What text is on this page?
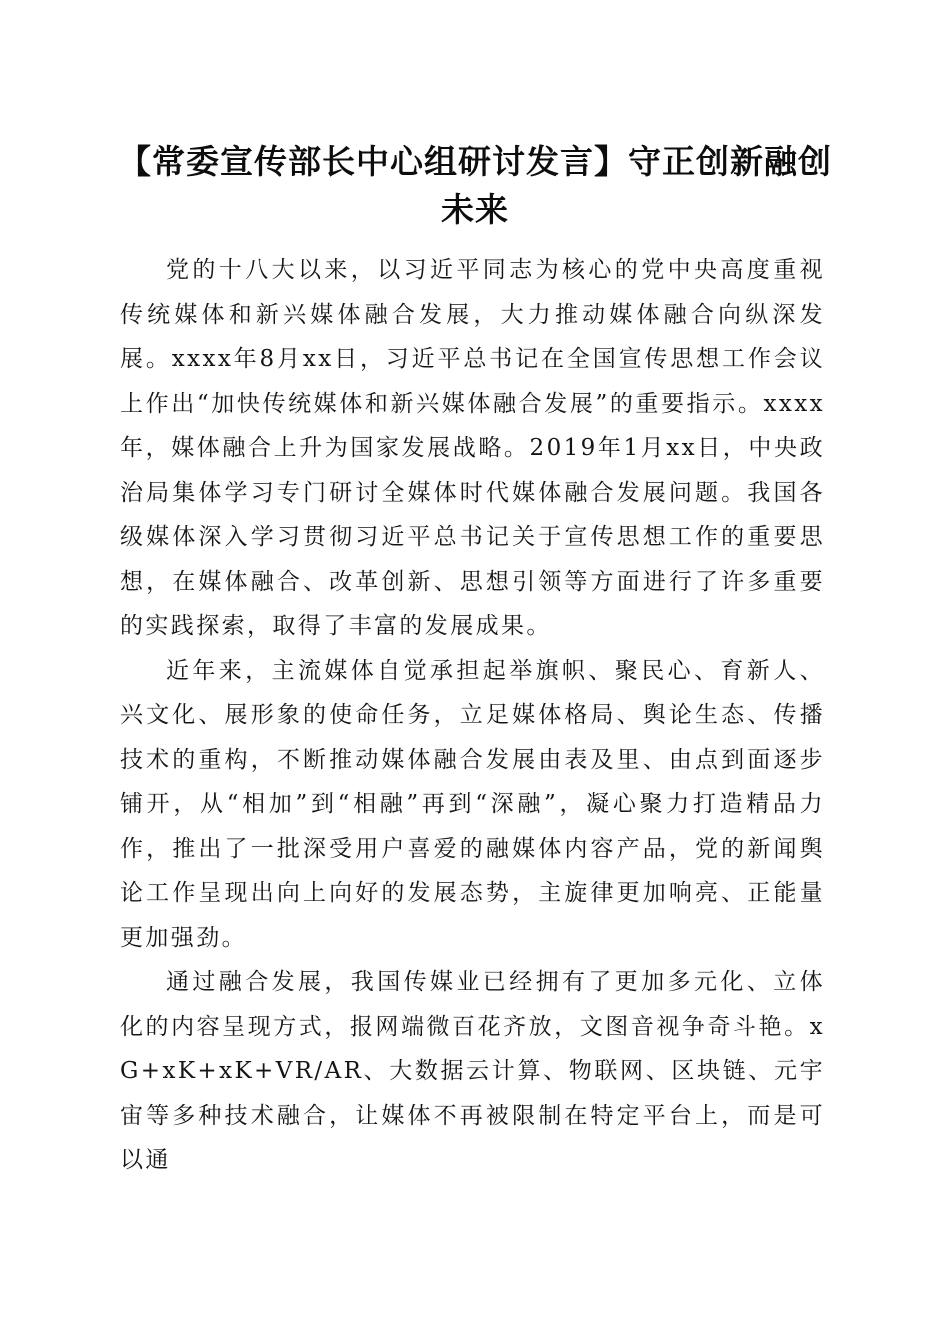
【常委宣传部长中心组研讨发言】守正创新融创未来

党的十八大以来，以习近平同志为核心的党中央高度重视传统媒体和新兴媒体融合发展，大力推动媒体融合向纵深发展。xxxx年8月xx日，习近平总书记在全国宣传思想工作会议上作出“加快传统媒体和新兴媒体融合发展”的重要指示。xxxx年，媒体融合上升为国家发展战略。2019年1月xx日，中央政治局集体学习专门研讨全媒体时代媒体融合发展问题。我国各级媒体深入学习贯彻习近平总书记关于宣传思想工作的重要思想，在媒体融合、改革创新、思想引领等方面进行了许多重要的实践探索，取得了丰富的发展成果。

近年来，主流媒体自觉承担起举旗帜、聚民心、育新人、兴文化、展形象的使命任务，立足媒体格局、舆论生态、传播技术的重构，不断推动媒体融合发展由表及里、由点到面逐步铺开，从“相加”到“相融”再到“深融”，凝心聚力打造精品力作，推出了一批深受用户喜爱的融媒体内容产品，党的新闻舆论工作呈现出向上向好的发展态势，主旋律更加响亮、正能量更加强劲。

通过融合发展，我国传媒业已经拥有了更加多元化、立体化的内容呈现方式，报网端微百花齐放，文图音视争奇斗艳。xG+xK+xK+VR/AR、大数据云计算、物联网、区块链、元宇宙等多种技术融合，让媒体不再被限制在特定平台上，而是可以通
